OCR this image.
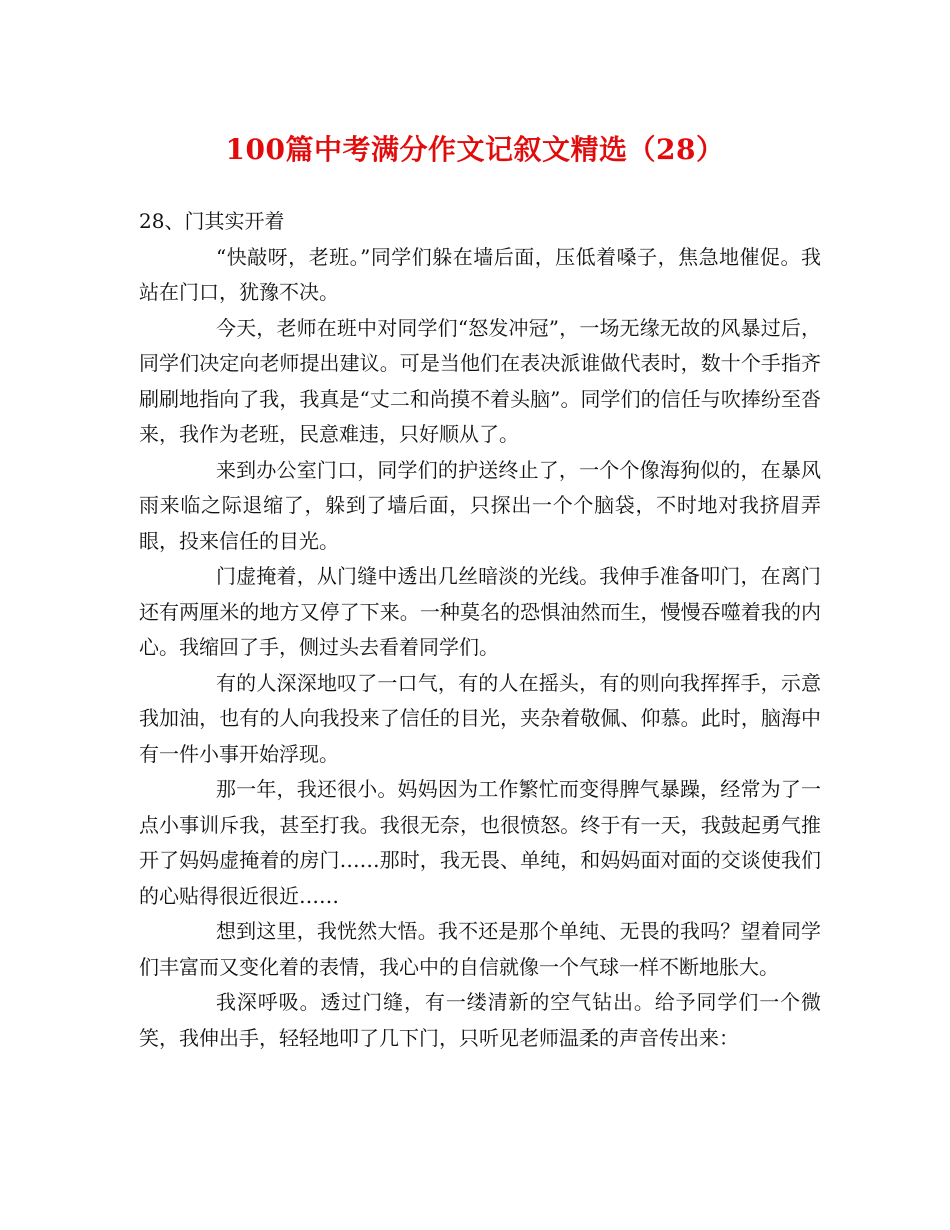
100篇中考满分作文记叙文精选（28）

28、门其实开着

“快敲呀，老班。”同学们躲在墙后面，压低着嗓子，焦急地催促。我站在门口，犹豫不决。

今天，老师在班中对同学们“怒发冲冠”，一场无缘无故的风暴过后，同学们决定向老师提出建议。可是当他们在表决派谁做代表时，数十个手指齐刷刷地指向了我，我真是“丈二和尚摸不着头脑”。同学们的信任与吹捧纷至沓来，我作为老班，民意难违，只好顺从了。

来到办公室门口，同学们的护送终止了，一个个像海狗似的，在暴风雨来临之际退缩了，躲到了墙后面，只探出一个个脑袋，不时地对我挤眉弄眼，投来信任的目光。

门虚掩着，从门缝中透出几丝暗淡的光线。我伸手准备叩门，在离门还有两厘米的地方又停了下来。一种莫名的恐惧油然而生，慢慢吞噬着我的内心。我缩回了手，侧过头去看着同学们。

有的人深深地叹了一口气，有的人在摇头，有的则向我挥挥手，示意我加油，也有的人向我投来了信任的目光，夹杂着敬佩、仰慕。此时，脑海中有一件小事开始浮现。

那一年，我还很小。妈妈因为工作繁忙而变得脾气暴躁，经常为了一点小事训斥我，甚至打我。我很无奈，也很愤怒。终于有一天，我鼓起勇气推开了妈妈虚掩着的房门……那时，我无畏、单纯，和妈妈面对面的交谈使我们的心贴得很近很近……

想到这里，我恍然大悟。我不还是那个单纯、无畏的我吗？望着同学们丰富而又变化着的表情，我心中的自信就像一个气球一样不断地胀大。

我深呼吸。透过门缝，有一缕清新的空气钻出。给予同学们一个微笑，我伸出手，轻轻地叩了几下门，只听见老师温柔的声音传出来：
